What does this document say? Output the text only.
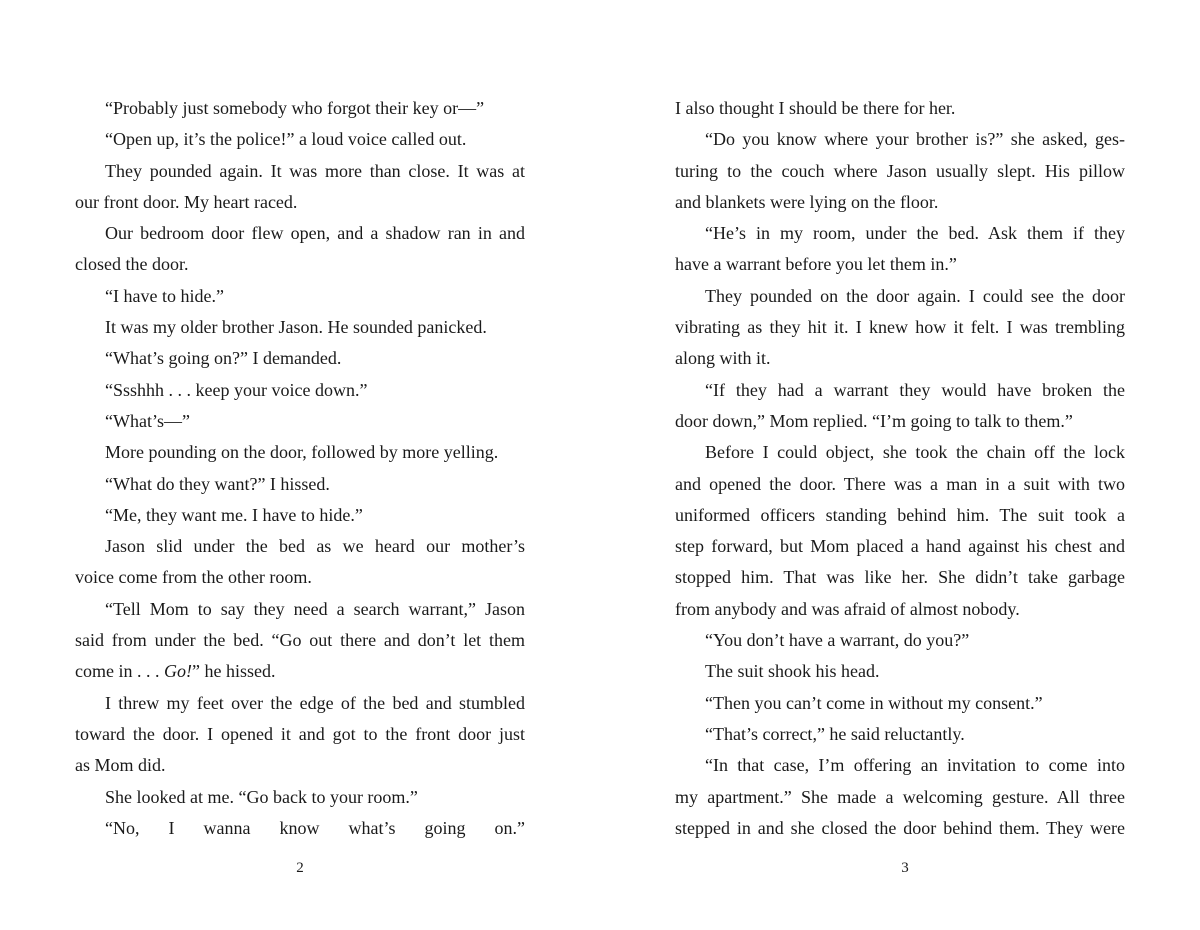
“Probably just somebody who forgot their key or—”
“Open up, it’s the police!” a loud voice called out.
They pounded again. It was more than close. It was at
our front door. My heart raced.
Our bedroom door flew open, and a shadow ran in and
closed the door.
“I have to hide.”
It was my older brother Jason. He sounded panicked.
“What’s going on?” I demanded.
“Ssshhh . . . keep your voice down.”
“What’s—”
More pounding on the door, followed by more yelling.
“What do they want?” I hissed.
“Me, they want me. I have to hide.”
Jason slid under the bed as we heard our mother’s
voice come from the other room.
“Tell Mom to say they need a search warrant,” Jason
said from under the bed. “Go out there and don’t let them
come in . . . Go!” he hissed.
I threw my feet over the edge of the bed and stumbled
toward the door. I opened it and got to the front door just
as Mom did.
She looked at me. “Go back to your room.”
“No, I wanna know what’s going on.”
2
I also thought I should be there for her.
“Do you know where your brother is?” she asked, ges-
turing to the couch where Jason usually slept. His pillow
and blankets were lying on the floor.
“He’s in my room, under the bed. Ask them if they
have a warrant before you let them in.”
They pounded on the door again. I could see the door
vibrating as they hit it. I knew how it felt. I was trembling
along with it.
“If they had a warrant they would have broken the
door down,” Mom replied. “I’m going to talk to them.”
Before I could object, she took the chain off the lock
and opened the door. There was a man in a suit with two
uniformed officers standing behind him. The suit took a
step forward, but Mom placed a hand against his chest and
stopped him. That was like her. She didn’t take garbage
from anybody and was afraid of almost nobody.
“You don’t have a warrant, do you?”
The suit shook his head.
“Then you can’t come in without my consent.”
“That’s correct,” he said reluctantly.
“In that case, I’m offering an invitation to come into
my apartment.” She made a welcoming gesture. All three
stepped in and she closed the door behind them. They were
3
